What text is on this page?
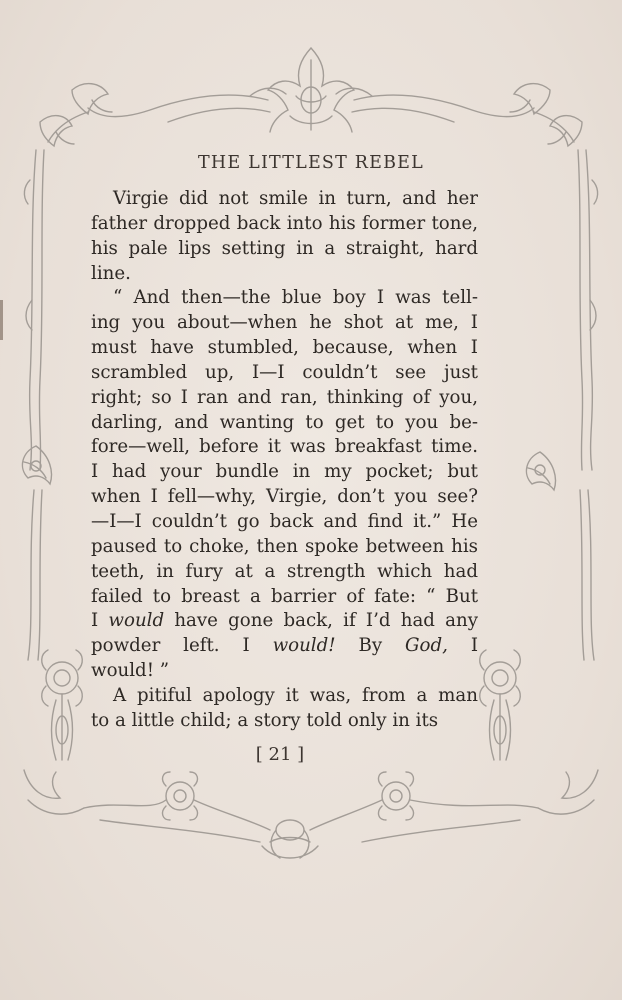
THE LITTLEST REBEL
Virgie did not smile in turn, and her
father dropped back into his former tone,
his pale lips setting in a straight, hard
line.
“ And then—the blue boy I was tell-
ing you about—when he shot at me, I
must have stumbled, because, when I
scrambled up, I—I couldn’t see just
right; so I ran and ran, thinking of you,
darling, and wanting to get to you be-
fore—well, before it was breakfast time.
I had your bundle in my pocket; but
when I fell—why, Virgie, don’t you see?
—I—I couldn’t go back and find it.” He
paused to choke, then spoke between his
teeth, in fury at a strength which had
failed to breast a barrier of fate: “ But
I would have gone back, if I’d had any
powder left. I would! By God, I
would! ”
A pitiful apology it was, from a man
to a little child; a story told only in its
[ 21 ]
